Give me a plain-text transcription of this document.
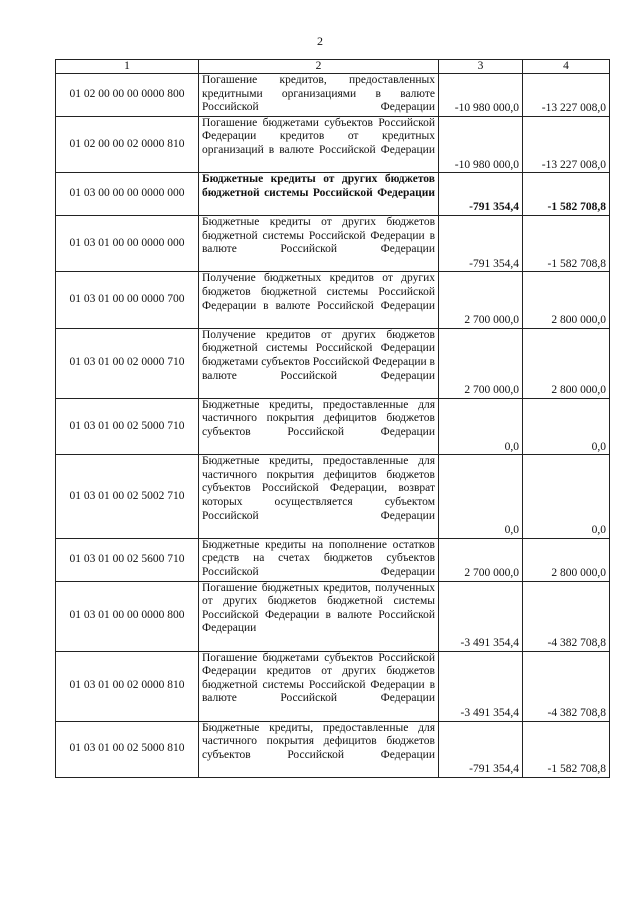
2
1	2	3	4
01 02 00 00 00 0000 800	Погашение кредитов, предоставленных кредитными организациями в валюте Российской Федерации	-10 980 000,0	-13 227 008,0
01 02 00 00 02 0000 810	Погашение бюджетами субъектов Российской Федерации кредитов от кредитных организаций в валюте Российской Федерации	-10 980 000,0	-13 227 008,0
01 03 00 00 00 0000 000	Бюджетные кредиты от других бюджетов бюджетной системы Российской Федерации	-791 354,4	-1 582 708,8
01 03 01 00 00 0000 000	Бюджетные кредиты от других бюджетов бюджетной системы Российской Федерации в валюте Российской Федерации	-791 354,4	-1 582 708,8
01 03 01 00 00 0000 700	Получение бюджетных кредитов от других бюджетов бюджетной системы Российской Федерации в валюте Российской Федерации	2 700 000,0	2 800 000,0
01 03 01 00 02 0000 710	Получение кредитов от других бюджетов бюджетной системы Российской Федерации бюджетами субъектов Российской Федерации в валюте Российской Федерации	2 700 000,0	2 800 000,0
01 03 01 00 02 5000 710	Бюджетные кредиты, предоставленные для частичного покрытия дефицитов бюджетов субъектов Российской Федерации	0,0	0,0
01 03 01 00 02 5002 710	Бюджетные кредиты, предоставленные для частичного покрытия дефицитов бюджетов субъектов Российской Федерации, возврат которых осуществляется субъектом Российской Федерации	0,0	0,0
01 03 01 00 02 5600 710	Бюджетные кредиты на пополнение остатков средств на счетах бюджетов субъектов Российской Федерации	2 700 000,0	2 800 000,0
01 03 01 00 00 0000 800	Погашение бюджетных кредитов, полученных от других бюджетов бюджетной системы Российской Федерации в валюте Российской Федерации	-3 491 354,4	-4 382 708,8
01 03 01 00 02 0000 810	Погашение бюджетами субъектов Российской Федерации кредитов от других бюджетов бюджетной системы Российской Федерации в валюте Российской Федерации	-3 491 354,4	-4 382 708,8
01 03 01 00 02 5000 810	Бюджетные кредиты, предоставленные для частичного покрытия дефицитов бюджетов субъектов Российской Федерации	-791 354,4	-1 582 708,8
